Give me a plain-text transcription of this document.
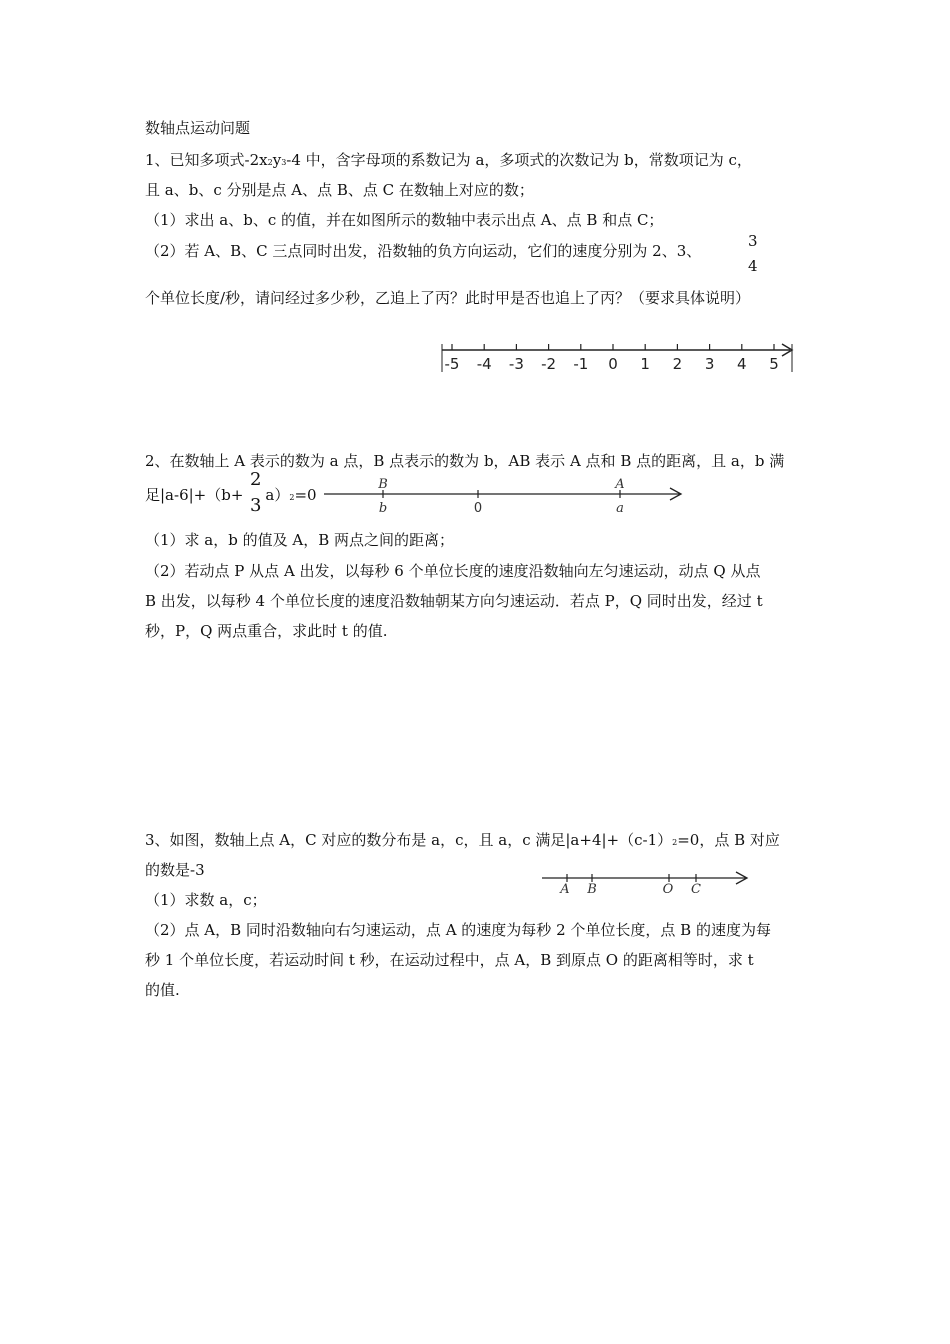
数轴点运动问题
1、已知多项式-2x2y3-4 中，含字母项的系数记为 a，多项式的次数记为 b，常数项记为 c，
且 a、b、c 分别是点 A、点 B、点 C 在数轴上对应的数；
（1）求出 a、b、c 的值，并在如图所示的数轴中表示出点 A、点 B 和点 C；
（2）若 A、B、C 三点同时出发，沿数轴的负方向运动，它们的速度分别为 2、3、
3
4
个单位长度/秒，请问经过多少秒，乙追上了丙？此时甲是否也追上了丙？（要求具体说明）
-5 -4 -3 -2 -1 0 1 2 3 4 5
2、在数轴上 A 表示的数为 a 点，B 点表示的数为 b，AB 表示 A 点和 B 点的距离，且 a，b 满
足|a-6|+（b+ a）2=0
2
3
B
b	0
A
a
（1）求 a，b 的值及 A，B 两点之间的距离；
（2）若动点 P 从点 A 出发，以每秒 6 个单位长度的速度沿数轴向左匀速运动，动点 Q 从点
B 出发，以每秒 4 个单位长度的速度沿数轴朝某方向匀速运动．若点 P，Q 同时出发，经过 t
秒，P，Q 两点重合，求此时 t 的值.
3、如图，数轴上点 A，C 对应的数分布是 a，c，且 a，c 满足|a+4|+（c-1）2=0，点 B 对应
的数是-3
（1）求数 a，c；
A B	O C
（2）点 A，B 同时沿数轴向右匀速运动，点 A 的速度为每秒 2 个单位长度，点 B 的速度为每
秒 1 个单位长度，若运动时间 t 秒，在运动过程中，点 A，B 到原点 O 的距离相等时，求 t
的值.
